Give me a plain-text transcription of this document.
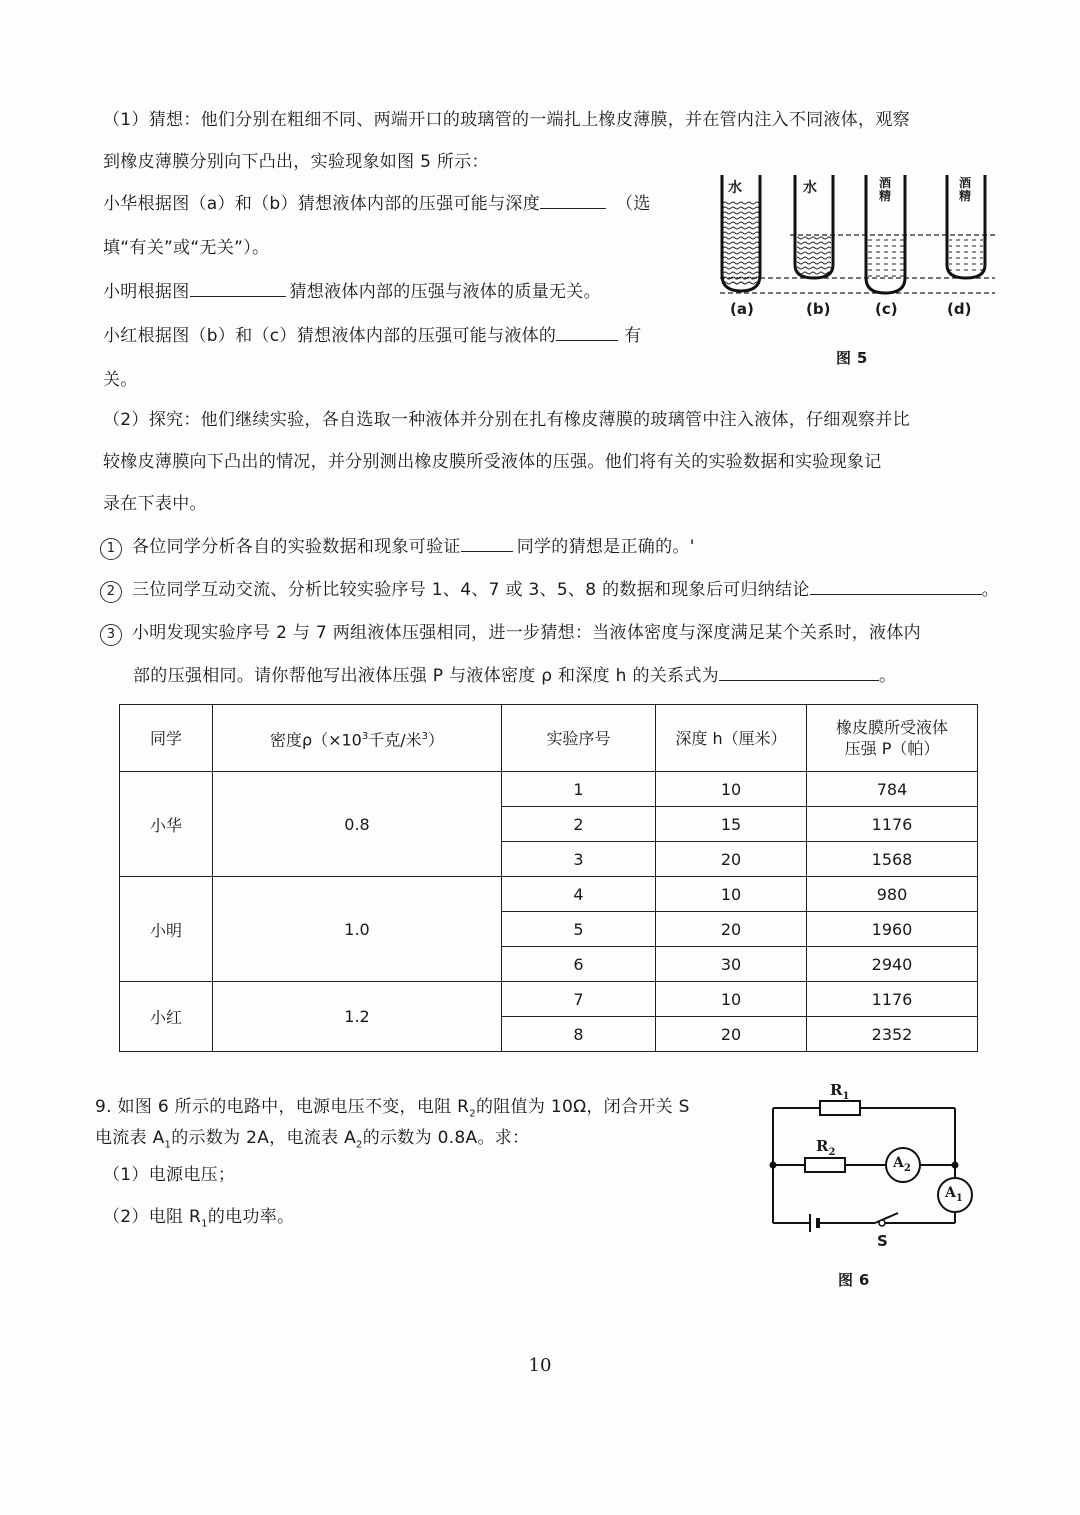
（1）猜想：他们分别在粗细不同、两端开口的玻璃管的一端扎上橡皮薄膜，并在管内注入不同液体，观察
到橡皮薄膜分别向下凸出，实验现象如图 5 所示：
小华根据图（a）和（b）猜想液体内部的压强可能与深度	（选
填“有关”或“无关”）。
小明根据图	猜想液体内部的压强与液体的质量无关。
小红根据图（b）和（c）猜想液体内部的压强可能与液体的	有
关。
水	水	酒精
酒精
(a)	(b)	(c)	(d)
图 5
（2）探究：他们继续实验，各自选取一种液体并分别在扎有橡皮薄膜的玻璃管中注入液体，仔细观察并比
较橡皮薄膜向下凸出的情况，并分别测出橡皮膜所受液体的压强。他们将有关的实验数据和实验现象记
录在下表中。
1 各位同学分析各自的实验数据和现象可验证	同学的猜想是正确的。'
2 三位同学互动交流、分析比较实验序号 1、4、7 或 3、5、8 的数据和现象后可归纳结论	。
3 小明发现实验序号 2 与 7 两组液体压强相同，进一步猜想：当液体密度与深度满足某个关系时，液体内
部的压强相同。请你帮他写出液体压强 P 与液体密度 ρ 和深度 h 的关系式为	。
同学	密度$\rho(\times 10^3$千克/米$^3$）	实验序号	深度 h（厘米）	橡皮膜所受液体
压强 P（帕）
小华	0.8	1	10	784
		2	15	1176
		3	20	1568
小明	1.0	4	10	980
		5	20	1960
		6	30	2940
小红	1.2	7	10	1176
		8	20	2352
9. 如图 6 所示的电路中，电源电压不变，电阻 $R_2$的阻值为 10Ω，闭合开关 S
电流表 $A_1$的示数为 2A，电流表 $A_2$的示数为 0.8A。求：
（1）电源电压；
（2）电阻 $R_1$的电功率。
$R_1$
$R_2$
$A_2$
$A_1$
S
图 6
10
